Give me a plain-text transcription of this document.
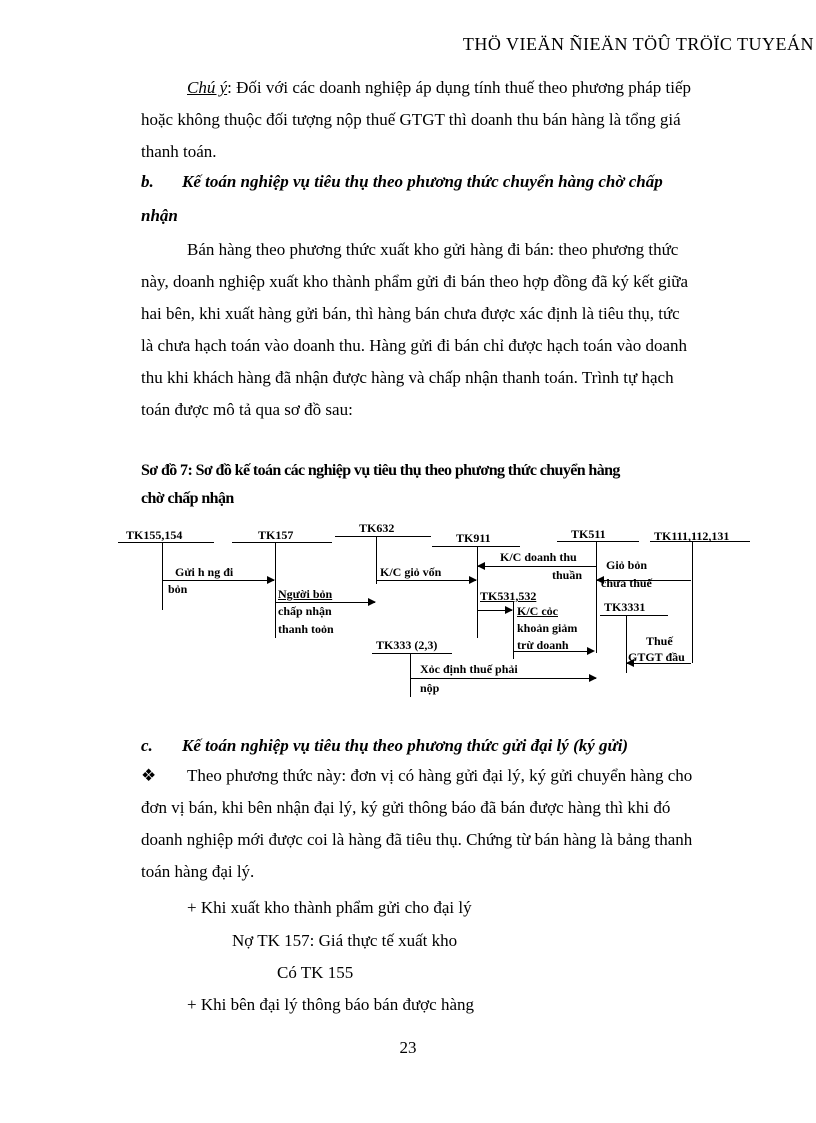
THÖ VIEÄN ÑIEÄN TÖÛ TRÖÏC TUYEÁN
Chú ý: Đối với các doanh nghiệp áp dụng tính thuế theo phương pháp tiếp
hoặc không thuộc đối tượng nộp thuế GTGT thì doanh thu bán hàng là tổng giá
thanh toán.
b. Kế toán nghiệp vụ tiêu thụ theo phương thức chuyển hàng chờ chấp
nhận
Bán hàng theo phương thức xuất kho gửi hàng đi bán: theo phương thức
này, doanh nghiệp xuất kho thành phẩm gửi đi bán theo hợp đồng đã ký kết giữa
hai bên, khi xuất hàng gửi bán, thì hàng bán chưa được xác định là tiêu thụ, tức
là chưa hạch toán vào doanh thu. Hàng gửi đi bán chỉ được hạch toán vào doanh
thu khi khách hàng đã nhận được hàng và chấp nhận thanh toán. Trình tự hạch
toán được mô tả qua sơ đồ sau:
Sơ đồ 7: Sơ đồ kế toán các nghiệp vụ tiêu thụ theo phương thức chuyển hàng
chờ chấp nhận
TK155,154	TK157	TK632
TK911	TK511	TK111,112,131
TK531,532
TK3331
TK333 (2,3)
Gửi h ng đi
bỏn	Người bỏn
chấp nhận
thanh toỏn
K/C giỏ vốn
K/C doanh thu
thuần
Giỏ bỏn
chưa thuế
K/C cỏc
khoản giảm
trừ doanh	Thuế
GTGT đầu
Xỏc định thuế phải
nộp
c. Kế toán nghiệp vụ tiêu thụ theo phương thức gửi đại lý (ký gửi)
❖ Theo phương thức này: đơn vị có hàng gửi đại lý, ký gửi chuyển hàng cho
đơn vị bán, khi bên nhận đại lý, ký gửi thông báo đã bán được hàng thì khi đó
doanh nghiệp mới được coi là hàng đã tiêu thụ. Chứng từ bán hàng là bảng thanh
toán hàng đại lý.
+ Khi xuất kho thành phẩm gửi cho đại lý
Nợ TK 157: Giá thực tế xuất kho
Có TK 155
+ Khi bên đại lý thông báo bán được hàng
23
